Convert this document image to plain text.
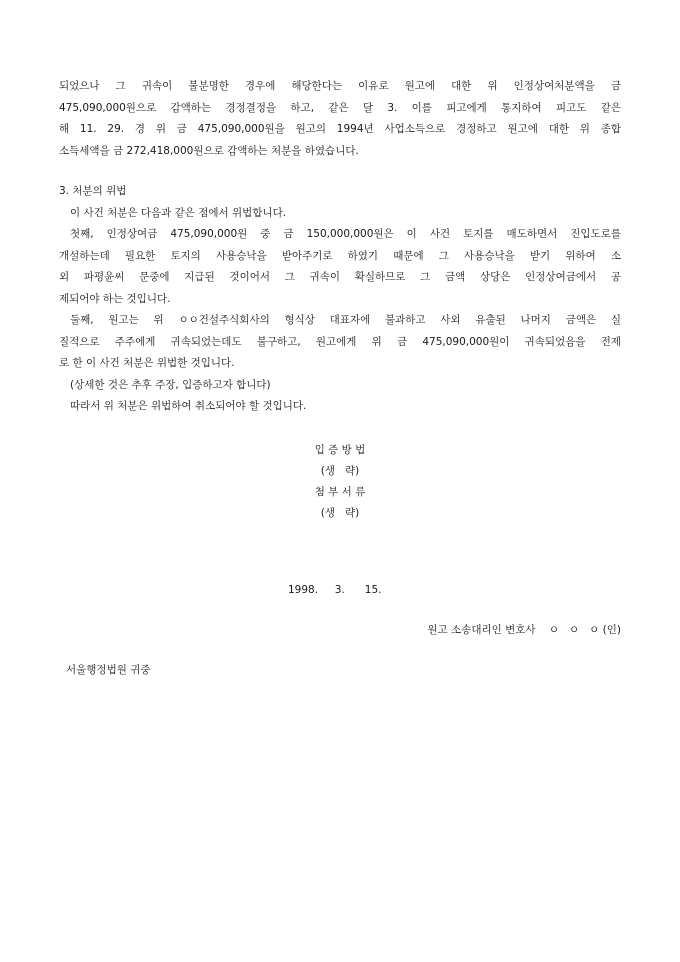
되었으나 그 귀속이 불분명한 경우에 해당한다는 이유로 원고에 대한 위 인정상여처분액을 금

475,090,000원으로 감액하는 경정결정을 하고, 같은 달 3. 이를 피고에게 통지하여 피고도 같은

해 11. 29. 경 위 금 475,090,000원을 원고의 1994년 사업소득으로 경정하고 원고에 대한 위 종합

소득세액을 금 272,418,000원으로 감액하는 처분을 하였습니다.

3. 처분의 위법

이 사건 처분은 다음과 같은 점에서 위법합니다.

첫째, 인정상여금 475,090,000원 중 금 150,000,000원은 이 사건 토지를 매도하면서 진입도로를

개설하는데 필요한 토지의 사용승낙을 받아주기로 하였기 때문에 그 사용승낙을 받기 위하여 소

외 파평윤씨 문중에 지급된 것이어서 그 귀속이 확실하므로 그 금액 상당은 인정상여금에서 공

제되어야 하는 것입니다.

둘째, 원고는 위 ㅇㅇ건설주식회사의 형식상 대표자에 불과하고 사외 유출된 나머지 금액은 실

질적으로 주주에게 귀속되었는데도 불구하고, 원고에게 위 금 475,090,000원이 귀속되었음을 전제

로 한 이 사건 처분은 위법한 것입니다.

(상세한 것은 추후 주장, 입증하고자 합니다)

따라서 위 처분은 위법하여 취소되어야 할 것입니다.

입 증 방 법
(생   략)
첨 부 서 류
(생   략)
1998.     3.      15.
원고 소송대리인 변호사    ㅇ   ㅇ   ㅇ (인)
서울행정법원 귀중
